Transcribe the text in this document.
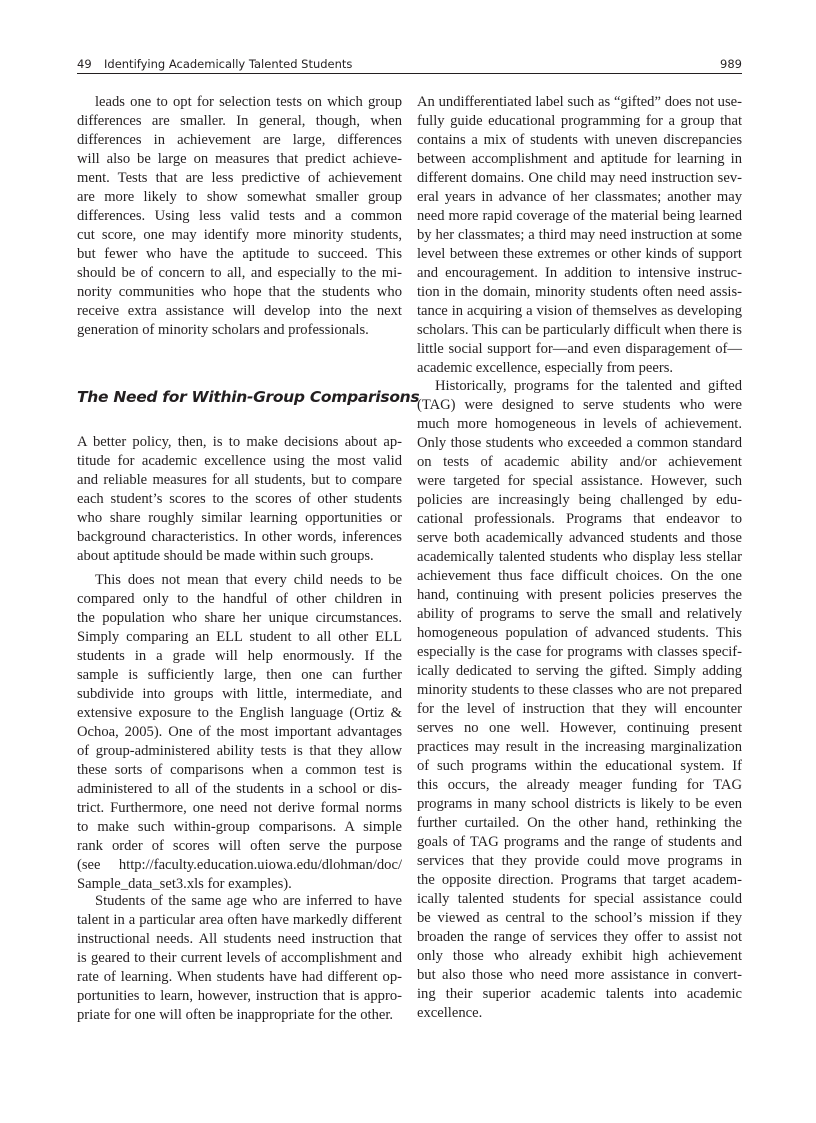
49 Identifying Academically Talented Students	989
The Need for Within-Group Comparisons
leads one to opt for selection tests on which group
differences are smaller. In general, though, when
differences in achievement are large, differences
will also be large on measures that predict achieve-
ment. Tests that are less predictive of achievement
are more likely to show somewhat smaller group
differences. Using less valid tests and a common
cut score, one may identify more minority students,
but fewer who have the aptitude to succeed. This
should be of concern to all, and especially to the mi-
nority communities who hope that the students who
receive extra assistance will develop into the next
generation of minority scholars and professionals.
A better policy, then, is to make decisions about ap-
titude for academic excellence using the most valid
and reliable measures for all students, but to compare
each student’s scores to the scores of other students
who share roughly similar learning opportunities or
background characteristics. In other words, inferences
about aptitude should be made within such groups.
This does not mean that every child needs to be
compared only to the handful of other children in
the population who share her unique circumstances.
Simply comparing an ELL student to all other ELL
students in a grade will help enormously. If the
sample is sufficiently large, then one can further
subdivide into groups with little, intermediate, and
extensive exposure to the English language (Ortiz &
Ochoa, 2005). One of the most important advantages
of group-administered ability tests is that they allow
these sorts of comparisons when a common test is
administered to all of the students in a school or dis-
trict. Furthermore, one need not derive formal norms
to make such within-group comparisons. A simple
rank order of scores will often serve the purpose
(see http://faculty.education.uiowa.edu/dlohman/doc/
Sample_data_set3.xls for examples).
Students of the same age who are inferred to have
talent in a particular area often have markedly different
instructional needs. All students need instruction that
is geared to their current levels of accomplishment and
rate of learning. When students have had different op-
portunities to learn, however, instruction that is appro-
priate for one will often be inappropriate for the other.
An undifferentiated label such as “gifted” does not use-
fully guide educational programming for a group that
contains a mix of students with uneven discrepancies
between accomplishment and aptitude for learning in
different domains. One child may need instruction sev-
eral years in advance of her classmates; another may
need more rapid coverage of the material being learned
by her classmates; a third may need instruction at some
level between these extremes or other kinds of support
and encouragement. In addition to intensive instruc-
tion in the domain, minority students often need assis-
tance in acquiring a vision of themselves as developing
scholars. This can be particularly difficult when there is
little social support for—and even disparagement of—
academic excellence, especially from peers.
Historically, programs for the talented and gifted
(TAG) were designed to serve students who were
much more homogeneous in levels of achievement.
Only those students who exceeded a common standard
on tests of academic ability and/or achievement
were targeted for special assistance. However, such
policies are increasingly being challenged by edu-
cational professionals. Programs that endeavor to
serve both academically advanced students and those
academically talented students who display less stellar
achievement thus face difficult choices. On the one
hand, continuing with present policies preserves the
ability of programs to serve the small and relatively
homogeneous population of advanced students. This
especially is the case for programs with classes specif-
ically dedicated to serving the gifted. Simply adding
minority students to these classes who are not prepared
for the level of instruction that they will encounter
serves no one well. However, continuing present
practices may result in the increasing marginalization
of such programs within the educational system. If
this occurs, the already meager funding for TAG
programs in many school districts is likely to be even
further curtailed. On the other hand, rethinking the
goals of TAG programs and the range of students and
services that they provide could move programs in
the opposite direction. Programs that target academ-
ically talented students for special assistance could
be viewed as central to the school’s mission if they
broaden the range of services they offer to assist not
only those who already exhibit high achievement
but also those who need more assistance in convert-
ing their superior academic talents into academic
excellence.
